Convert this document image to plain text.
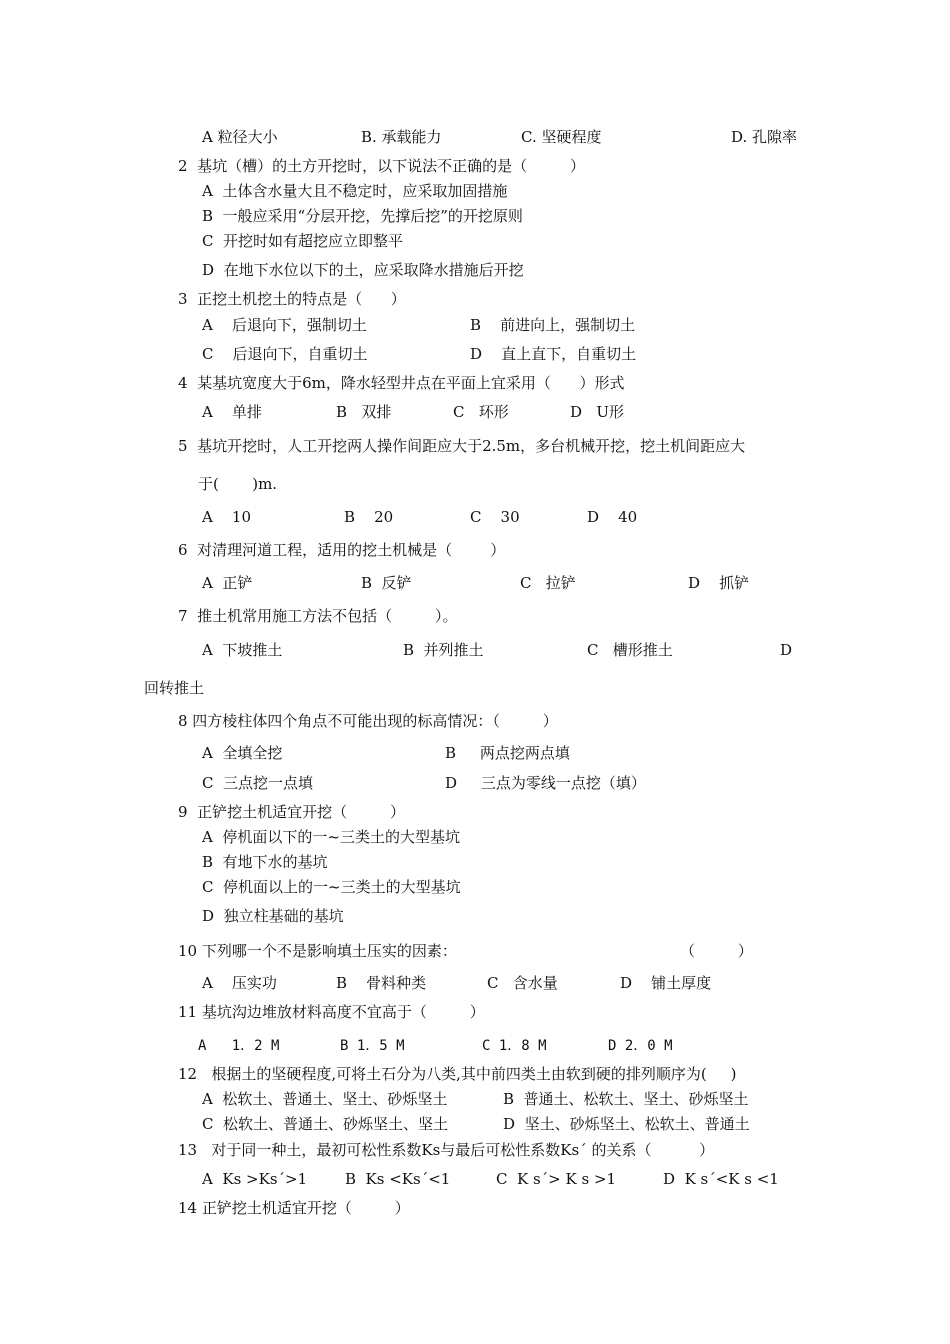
A 粒径大小	B. 承载能力	C. 坚硬程度	D. 孔隙率
2  基坑（槽）的土方开挖时，以下说法不正确的是（         ）
A  土体含水量大且不稳定时，应采取加固措施
B  一般应采用“分层开挖，先撑后挖”的开挖原则
C  开挖时如有超挖应立即整平
D  在地下水位以下的土，应采取降水措施后开挖
3  正挖土机挖土的特点是（      ）
A    后退向下，强制切土	B    前进向上，强制切土
C    后退向下，自重切土	D    直上直下，自重切土
4  某基坑宽度大于6m，降水轻型井点在平面上宜采用（      ）形式
A    单排	B   双排	C   环形	D   U形
5  基坑开挖时，人工开挖两人操作间距应大于2.5m，多台机械开挖，挖土机间距应大
于(       )m.
A    10	B    20	C    30	D    40
6  对清理河道工程，适用的挖土机械是（        ）
A  正铲	B  反铲	C   拉铲	D    抓铲
7  推土机常用施工方法不包括（         ）。
A  下坡推土	B  并列推土	C   槽形推土	D
回转推土
8 四方棱柱体四个角点不可能出现的标高情况：（         ）
A  全填全挖	B     两点挖两点填
C  三点挖一点填	D     三点为零线一点挖（填）
9  正铲挖土机适宜开挖（         ）
A  停机面以下的一~三类土的大型基坑
B  有地下水的基坑
C  停机面以上的一~三类土的大型基坑
D  独立柱基础的基坑
10 下列哪一个不是影响填土压实的因素：	（         ）
A    压实功	B    骨料种类	C   含水量	D    铺土厚度
11 基坑沟边堆放材料高度不宜高于（         ）
A   1．2 M	B 1．5 M	C 1．8 M	D 2．0 M
12   根据土的坚硬程度,可将土石分为八类,其中前四类土由软到硬的排列顺序为(     )
A  松软土、普通土、坚土、砂烁坚土	B  普通土、松软土、坚土、砂烁坚土
C  松软土、普通土、砂烁坚土、坚土	D  坚土、砂烁坚土、松软土、普通土
13   对于同一种土，最初可松性系数Ks与最后可松性系数Ks´ 的关系（          ）
A  Ks >Ks´>1	B  Ks <Ks´<1	C  K s´> K s >1	D  K s´<K s <1
14 正铲挖土机适宜开挖（         ）
